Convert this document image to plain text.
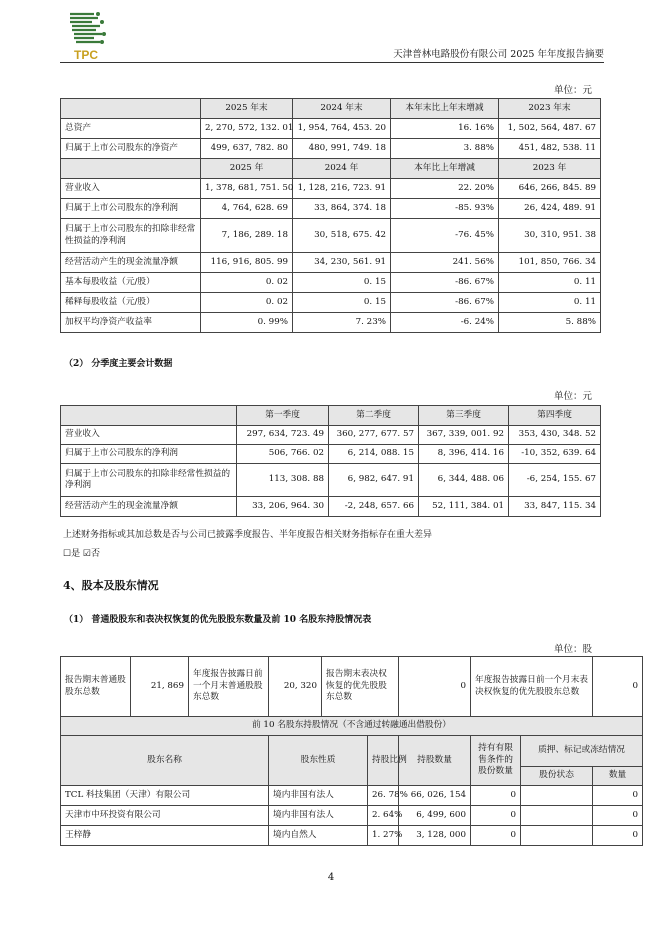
TPC	天津普林电路股份有限公司 2025 年年度报告摘要
单位：元
	2025 年末	2024 年末	本年末比上年末增减	2023 年末
总资产	2, 270, 572, 132. 01	1, 954, 764, 453. 20	16. 16%	1, 502, 564, 487. 67
归属于上市公司股东的净资产	499, 637, 782. 80	480, 991, 749. 18	3. 88%	451, 482, 538. 11
	2025 年	2024 年	本年比上年增减	2023 年
营业收入	1, 378, 681, 751. 50	1, 128, 216, 723. 91	22. 20%	646, 266, 845. 89
归属于上市公司股东的净利润	4, 764, 628. 69	33, 864, 374. 18	-85. 93%	26, 424, 489. 91
归属于上市公司股东的扣除非经常性损益的净利润	7, 186, 289. 18	30, 518, 675. 42	-76. 45%	30, 310, 951. 38
经营活动产生的现金流量净额	116, 916, 805. 99	34, 230, 561. 91	241. 56%	101, 850, 766. 34
基本每股收益（元/股）	0. 02	0. 15	-86. 67%	0. 11
稀释每股收益（元/股）	0. 02	0. 15	-86. 67%	0. 11
加权平均净资产收益率	0. 99%	7. 23%	-6. 24%	5. 88%
（2） 分季度主要会计数据
单位：元
	第一季度	第二季度	第三季度	第四季度
营业收入	297, 634, 723. 49	360, 277, 677. 57	367, 339, 001. 92	353, 430, 348. 52
归属于上市公司股东的净利润	506, 766. 02	6, 214, 088. 15	8, 396, 414. 16	-10, 352, 639. 64
归属于上市公司股东的扣除非经常性损益的净利润	113, 308. 88	6, 982, 647. 91	6, 344, 488. 06	-6, 254, 155. 67
经营活动产生的现金流量净额	33, 206, 964. 30	-2, 248, 657. 66	52, 111, 384. 01	33, 847, 115. 34
上述财务指标或其加总数是否与公司已披露季度报告、半年度报告相关财务指标存在重大差异
☐是 ☑否
4、股本及股东情况
（1） 普通股股东和表决权恢复的优先股股东数量及前 10 名股东持股情况表
单位：股
报告期末普通股股东总数	21, 869	年度报告披露日前一个月末普通股股东总数	20, 320	报告期末表决权恢复的优先股股东总数		0	年度报告披露日前一个月末表决权恢复的优先股股东总数		0
前 10 名股东持股情况（不含通过转融通出借股份）									
股东名称			股东性质		持股比例	持股数量	持有有限售条件的股份数量	质押、标记或冻结情况	
								股份状态	数量
TCL 科技集团（天津）有限公司			境内非国有法人		26. 78%	66, 026, 154	0		0
天津市中环投资有限公司			境内非国有法人		2. 64%	6, 499, 600	0		0
王梓静			境内自然人		1. 27%	3, 128, 000	0		0
4
